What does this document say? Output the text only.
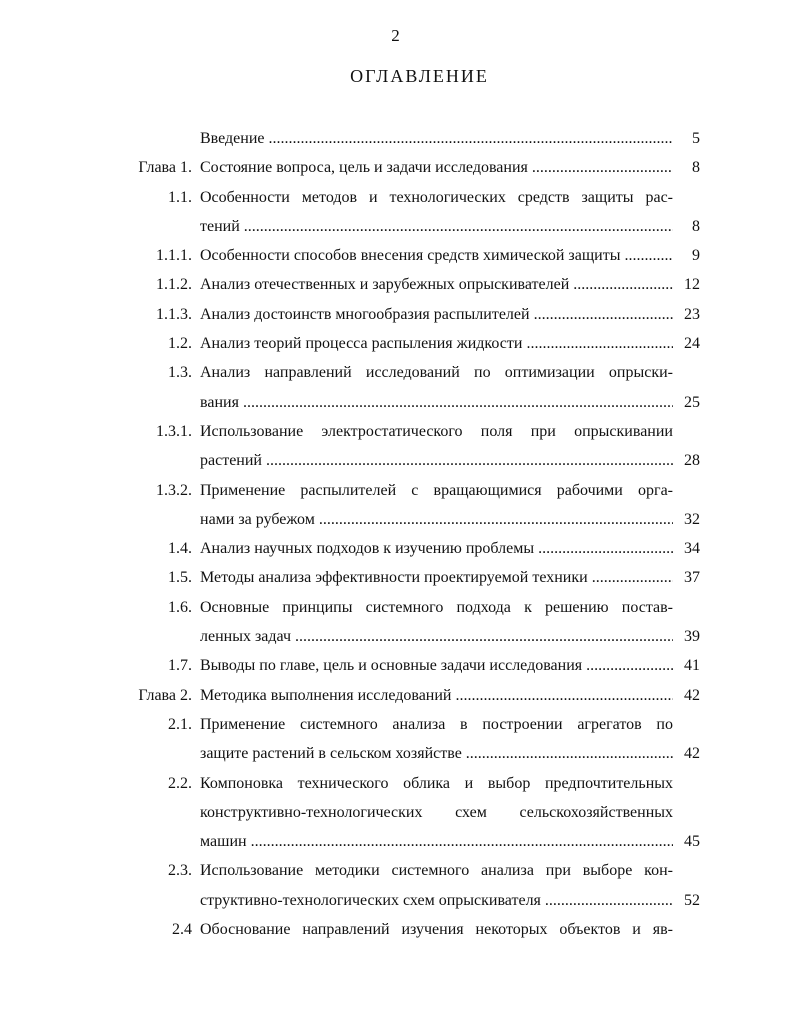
2
ОГЛАВЛЕНИЕ
Введение .....	5
Глава 1. Состояние вопроса, цель и задачи исследования .....	8
1.1. Особенности методов и технологических средств защиты рас-
тений .....	8
1.1.1. Особенности способов внесения средств химической защиты .....	9
1.1.2. Анализ отечественных и зарубежных опрыскивателей .....	12
1.1.3. Анализ достоинств многообразия распылителей .....	23
1.2. Анализ теорий процесса распыления жидкости .....	24
1.3. Анализ направлений исследований по оптимизации опрыски-
вания .....	25
1.3.1. Использование электростатического поля при опрыскивании
растений .....	28
1.3.2. Применение распылителей с вращающимися рабочими орга-
нами за рубежом .....	32
1.4. Анализ научных подходов к изучению проблемы .....	34
1.5. Методы анализа эффективности проектируемой техники .....	37
1.6. Основные принципы системного подхода к решению постав-
ленных задач .....	39
1.7. Выводы по главе, цель и основные задачи исследования .....	41
Глава 2. Методика выполнения исследований .....	42
2.1. Применение системного анализа в построении агрегатов по
защите растений в сельском хозяйстве .....	42
2.2. Компоновка технического облика и выбор предпочтительных
конструктивно-технологических схем сельскохозяйственных
машин .....	45
2.3. Использование методики системного анализа при выборе кон-
структивно-технологических схем опрыскивателя .....	52
2.4 Обоснование направлений изучения некоторых объектов и яв-
